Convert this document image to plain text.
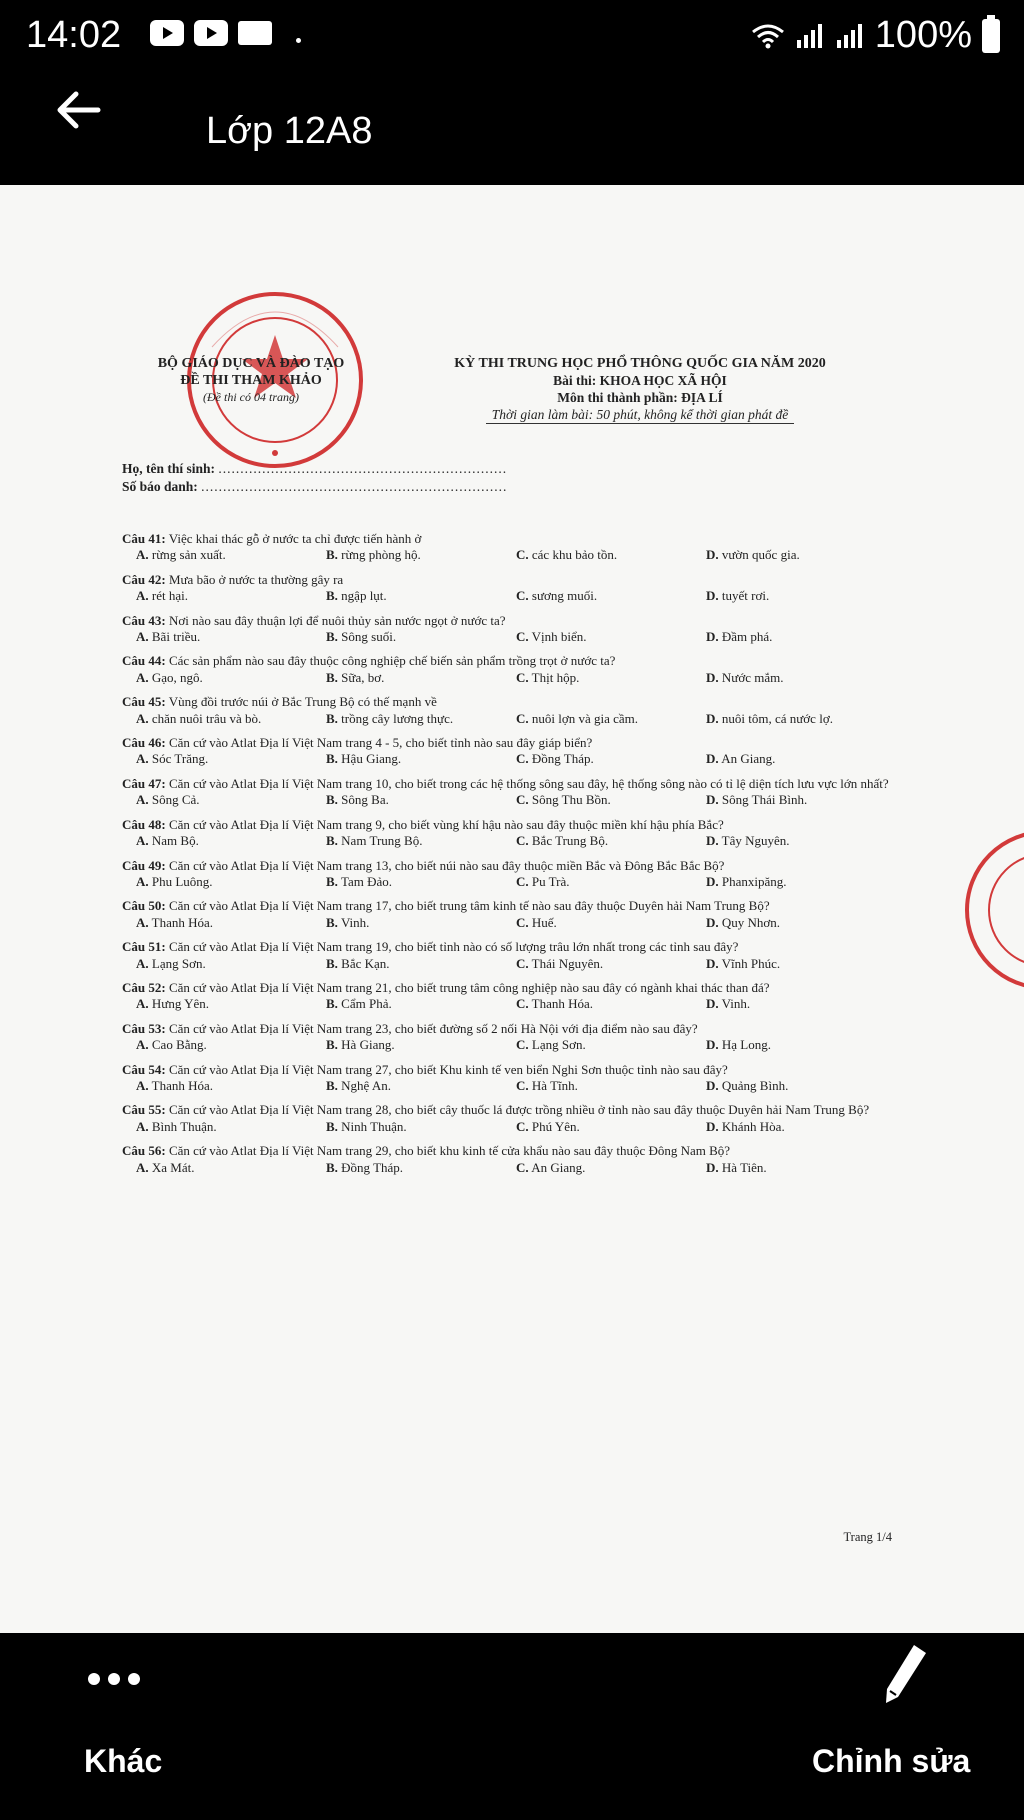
14:02	100%
Lớp 12A8
BỘ GIÁO DỤC VÀ ĐÀO TẠO
ĐỀ THI THAM KHẢO
(Đề thi có 04 trang)
KỲ THI TRUNG HỌC PHỔ THÔNG QUỐC GIA NĂM 2020
Bài thi: KHOA HỌC XÃ HỘI
Môn thi thành phần: ĐỊA LÍ
Thời gian làm bài: 50 phút, không kể thời gian phát đề
Họ, tên thí sinh: ..................................................................
Số báo danh: ......................................................................
Câu 41: Việc khai thác gỗ ở nước ta chỉ được tiến hành ở
A. rừng sản xuất.	B. rừng phòng hộ.	C. các khu bảo tồn.	D. vườn quốc gia.
Câu 42: Mưa bão ở nước ta thường gây ra
A. rét hại.	B. ngập lụt.	C. sương muối.	D. tuyết rơi.
Câu 43: Nơi nào sau đây thuận lợi để nuôi thủy sản nước ngọt ở nước ta?
A. Bãi triều.	B. Sông suối.	C. Vịnh biển.	D. Đầm phá.
Câu 44: Các sản phẩm nào sau đây thuộc công nghiệp chế biến sản phẩm trồng trọt ở nước ta?
A. Gạo, ngô.	B. Sữa, bơ.	C. Thịt hộp.	D. Nước mắm.
Câu 45: Vùng đồi trước núi ở Bắc Trung Bộ có thế mạnh về
A. chăn nuôi trâu và bò.	B. trồng cây lương thực.	C. nuôi lợn và gia cầm.	D. nuôi tôm, cá nước lợ.
Câu 46: Căn cứ vào Atlat Địa lí Việt Nam trang 4 - 5, cho biết tỉnh nào sau đây giáp biển?
A. Sóc Trăng.	B. Hậu Giang.	C. Đồng Tháp.	D. An Giang.
Câu 47: Căn cứ vào Atlat Địa lí Việt Nam trang 10, cho biết trong các hệ thống sông sau đây, hệ thống sông nào có tỉ lệ diện tích lưu vực lớn nhất?
A. Sông Cả.	B. Sông Ba.	C. Sông Thu Bồn.	D. Sông Thái Bình.
Câu 48: Căn cứ vào Atlat Địa lí Việt Nam trang 9, cho biết vùng khí hậu nào sau đây thuộc miền khí hậu phía Bắc?
A. Nam Bộ.	B. Nam Trung Bộ.	C. Bắc Trung Bộ.	D. Tây Nguyên.
Câu 49: Căn cứ vào Atlat Địa lí Việt Nam trang 13, cho biết núi nào sau đây thuộc miền Bắc và Đông Bắc Bắc Bộ?
A. Phu Luông.	B. Tam Đảo.	C. Pu Trà.	D. Phanxipăng.
Câu 50: Căn cứ vào Atlat Địa lí Việt Nam trang 17, cho biết trung tâm kinh tế nào sau đây thuộc Duyên hải Nam Trung Bộ?
A. Thanh Hóa.	B. Vinh.	C. Huế.	D. Quy Nhơn.
Câu 51: Căn cứ vào Atlat Địa lí Việt Nam trang 19, cho biết tỉnh nào có số lượng trâu lớn nhất trong các tỉnh sau đây?
A. Lạng Sơn.	B. Bắc Kạn.	C. Thái Nguyên.	D. Vĩnh Phúc.
Câu 52: Căn cứ vào Atlat Địa lí Việt Nam trang 21, cho biết trung tâm công nghiệp nào sau đây có ngành khai thác than đá?
A. Hưng Yên.	B. Cẩm Phả.	C. Thanh Hóa.	D. Vinh.
Câu 53: Căn cứ vào Atlat Địa lí Việt Nam trang 23, cho biết đường số 2 nối Hà Nội với địa điểm nào sau đây?
A. Cao Bằng.	B. Hà Giang.	C. Lạng Sơn.	D. Hạ Long.
Câu 54: Căn cứ vào Atlat Địa lí Việt Nam trang 27, cho biết Khu kinh tế ven biển Nghi Sơn thuộc tỉnh nào sau đây?
A. Thanh Hóa.	B. Nghệ An.	C. Hà Tĩnh.	D. Quảng Bình.
Câu 55: Căn cứ vào Atlat Địa lí Việt Nam trang 28, cho biết cây thuốc lá được trồng nhiều ở tỉnh nào sau đây thuộc Duyên hải Nam Trung Bộ?
A. Bình Thuận.	B. Ninh Thuận.	C. Phú Yên.	D. Khánh Hòa.
Câu 56: Căn cứ vào Atlat Địa lí Việt Nam trang 29, cho biết khu kinh tế cửa khẩu nào sau đây thuộc Đông Nam Bộ?
A. Xa Mát.	B. Đồng Tháp.	C. An Giang.	D. Hà Tiên.
Trang 1/4
Khác	Chỉnh sửa
